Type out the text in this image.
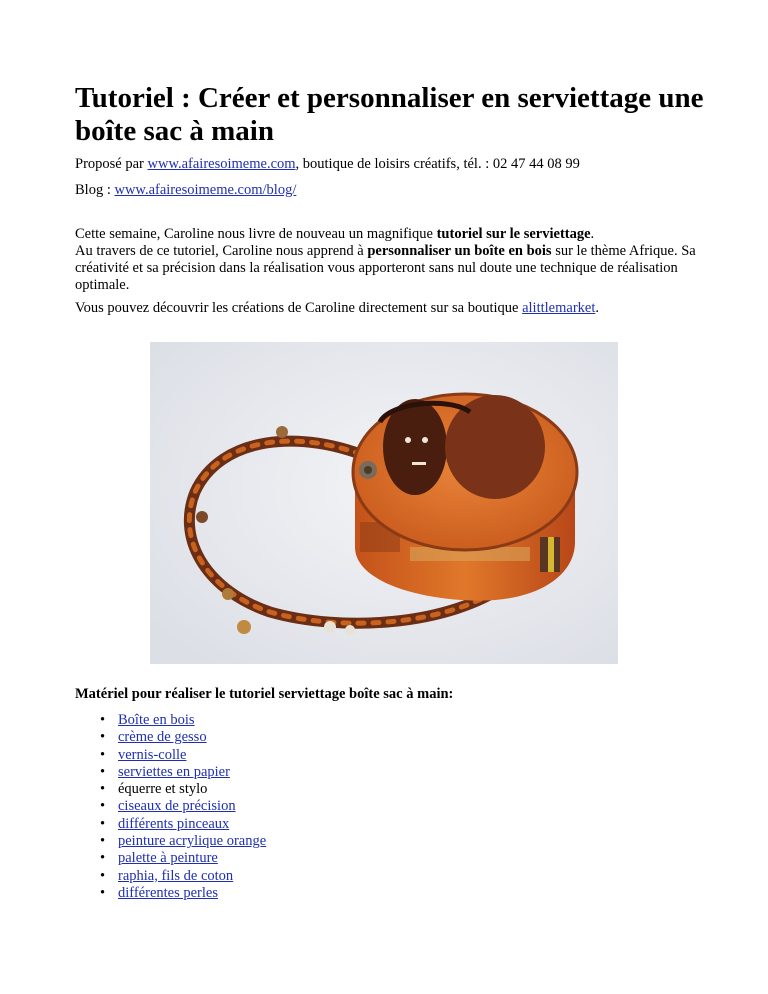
Tutoriel : Créer et personnaliser en serviettage une boîte sac à main

Proposé par www.afairesoimeme.com, boutique de loisirs créatifs, tél. : 02 47 44 08 99

Blog : www.afairesoimeme.com/blog/

Cette semaine, Caroline nous livre de nouveau un magnifique tutoriel sur le serviettage.
Au travers de ce tutoriel, Caroline nous apprend à personnaliser un boîte en bois sur le thème Afrique. Sa créativité et sa précision dans la réalisation vous apporteront sans nul doute une technique de réalisation optimale.

Vous pouvez découvrir les créations de Caroline directement sur sa boutique alittlemarket.

Matériel pour réaliser le tutoriel serviettage boîte sac à main:

• Boîte en bois
• crème de gesso
• vernis-colle
• serviettes en papier
• équerre et stylo
• ciseaux de précision
• différents pinceaux
• peinture acrylique orange
• palette à peinture
• raphia, fils de coton
• différentes perles
